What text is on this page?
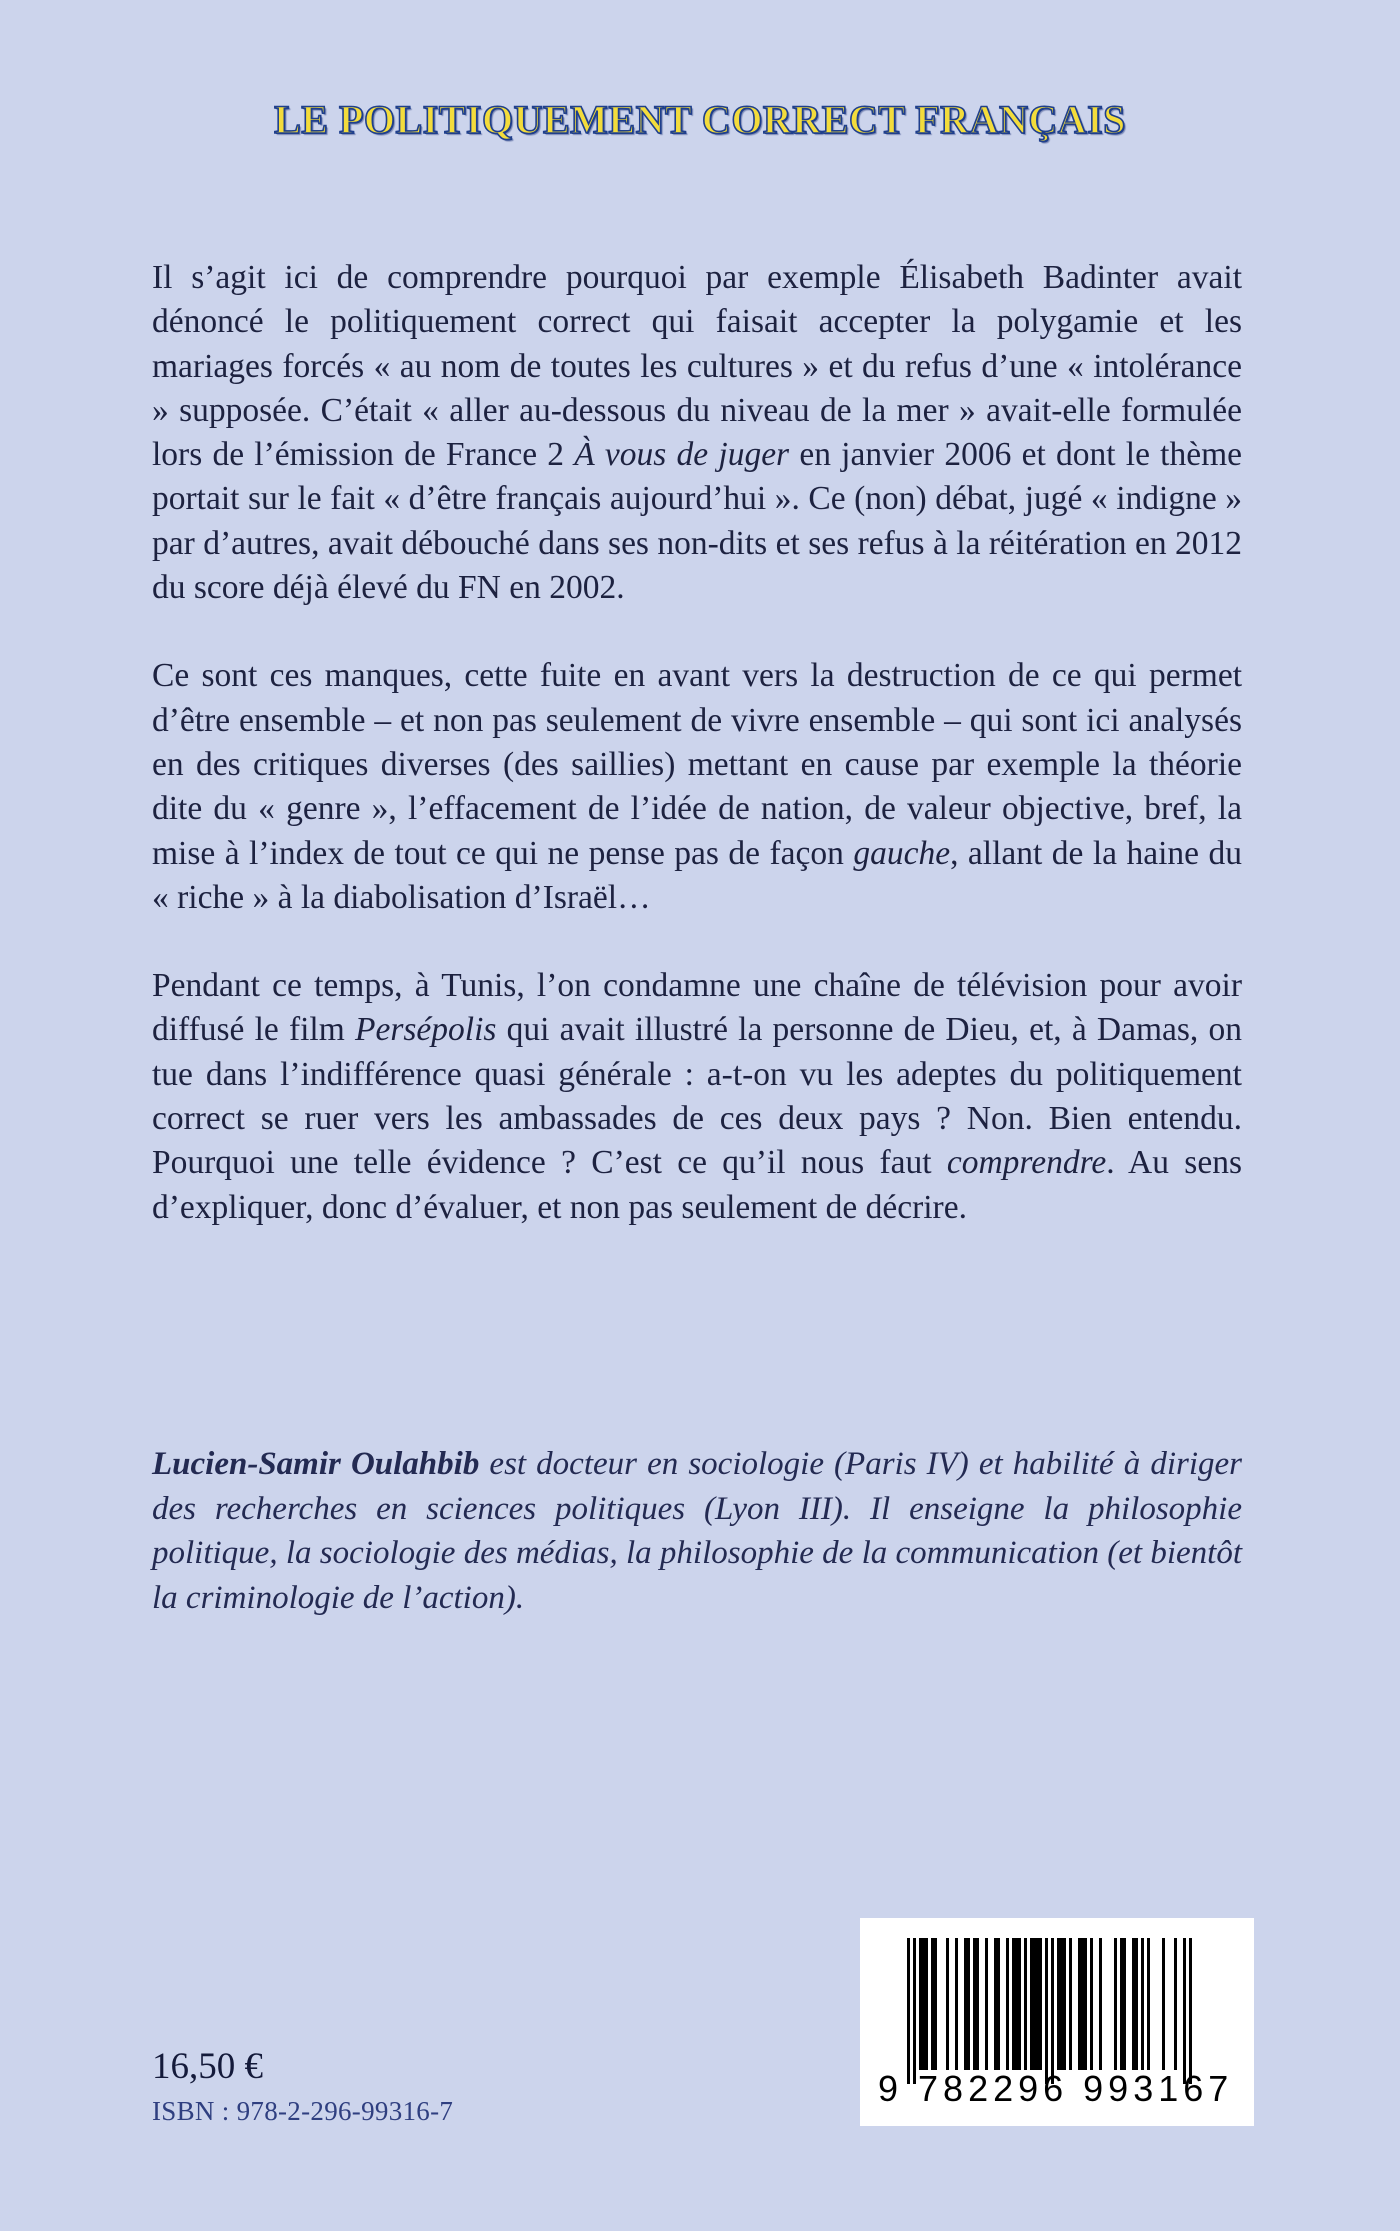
LE POLITIQUEMENT CORRECT FRANÇAIS

Il s’agit ici de comprendre pourquoi par exemple Élisabeth Badinter avait dénoncé le politiquement correct qui faisait accepter la polygamie et les mariages forcés « au nom de toutes les cultures » et du refus d’une « intolérance » supposée. C’était « aller au-dessous du niveau de la mer » avait-elle formulée lors de l’émission de France 2 À vous de juger en janvier 2006 et dont le thème portait sur le fait « d’être français aujourd’hui ». Ce (non) débat, jugé « indigne » par d’autres, avait débouché dans ses non-dits et ses refus à la réitération en 2012 du score déjà élevé du FN en 2002.

Ce sont ces manques, cette fuite en avant vers la destruction de ce qui permet d’être ensemble – et non pas seulement de vivre ensemble – qui sont ici analysés en des critiques diverses (des saillies) mettant en cause par exemple la théorie dite du « genre », l’effacement de l’idée de nation, de valeur objective, bref, la mise à l’index de tout ce qui ne pense pas de façon gauche, allant de la haine du « riche » à la diabolisation d’Israël…

Pendant ce temps, à Tunis, l’on condamne une chaîne de télévision pour avoir diffusé le film Persépolis qui avait illustré la personne de Dieu, et, à Damas, on tue dans l’indifférence quasi générale : a-t-on vu les adeptes du politiquement correct se ruer vers les ambassades de ces deux pays ? Non. Bien entendu. Pourquoi une telle évidence ? C’est ce qu’il nous faut comprendre. Au sens d’expliquer, donc d’évaluer, et non pas seulement de décrire.

Lucien-Samir Oulahbib est docteur en sociologie (Paris IV) et habilité à diriger des recherches en sciences politiques (Lyon III). Il enseigne la philosophie politique, la sociologie des médias, la philosophie de la communication (et bientôt la criminologie de l’action).
16,50 €
ISBN : 978-2-296-99316-7
9 782296 993167
